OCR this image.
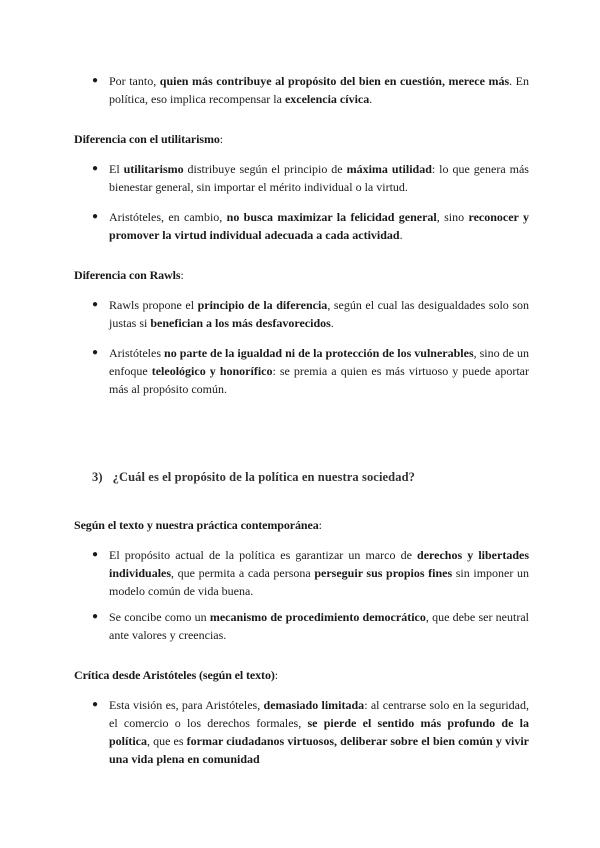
● Por tanto, quien más contribuye al propósito del bien en cuestión, merece más. En política, eso implica recompensar la excelencia cívica.
Diferencia con el utilitarismo:
● El utilitarismo distribuye según el principio de máxima utilidad: lo que genera más bienestar general, sin importar el mérito individual o la virtud.
● Aristóteles, en cambio, no busca maximizar la felicidad general, sino reconocer y promover la virtud individual adecuada a cada actividad.
Diferencia con Rawls:
● Rawls propone el principio de la diferencia, según el cual las desigualdades solo son justas si benefician a los más desfavorecidos.
● Aristóteles no parte de la igualdad ni de la protección de los vulnerables, sino de un enfoque teleológico y honorífico: se premia a quien es más virtuoso y puede aportar más al propósito común.
3) ¿Cuál es el propósito de la política en nuestra sociedad?
Según el texto y nuestra práctica contemporánea:
● El propósito actual de la política es garantizar un marco de derechos y libertades individuales, que permita a cada persona perseguir sus propios fines sin imponer un modelo común de vida buena.
● Se concibe como un mecanismo de procedimiento democrático, que debe ser neutral ante valores y creencias.
Crítica desde Aristóteles (según el texto):
● Esta visión es, para Aristóteles, demasiado limitada: al centrarse solo en la seguridad, el comercio o los derechos formales, se pierde el sentido más profundo de la política, que es formar ciudadanos virtuosos, deliberar sobre el bien común y vivir una vida plena en comunidad
